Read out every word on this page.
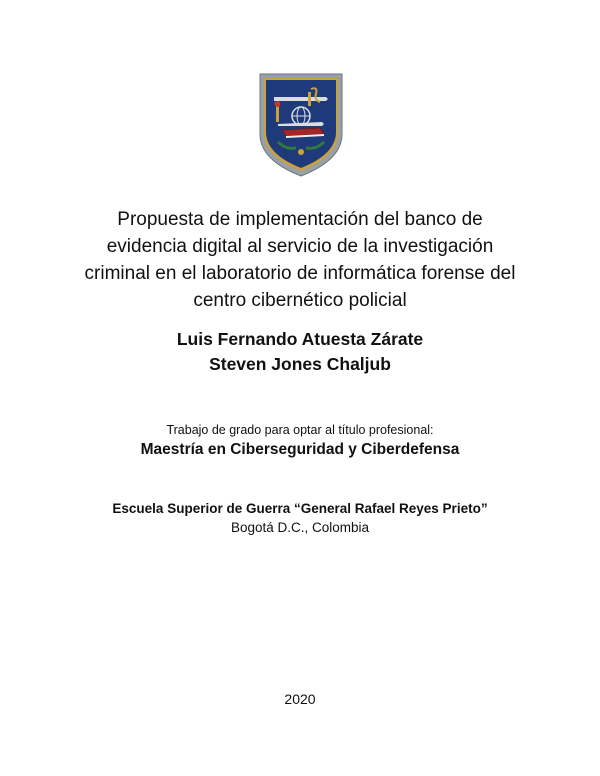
Propuesta de implementación del banco de
evidencia digital al servicio de la investigación
criminal en el laboratorio de informática forense del
centro cibernético policial
Luis Fernando Atuesta Zárate
Steven Jones Chaljub
Trabajo de grado para optar al título profesional:
Maestría en Ciberseguridad y Ciberdefensa
Escuela Superior de Guerra “General Rafael Reyes Prieto”
Bogotá D.C., Colombia
2020
